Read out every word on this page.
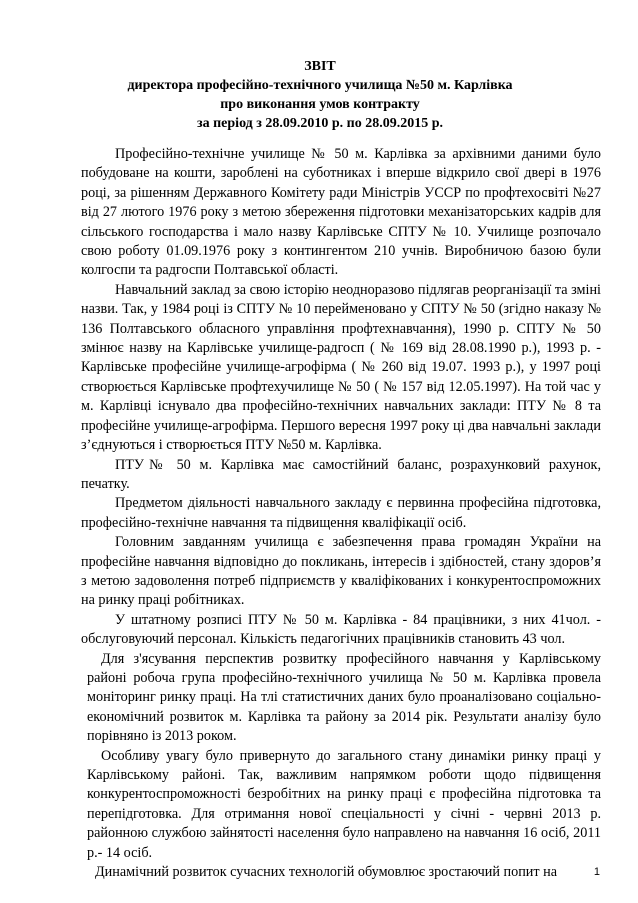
ЗВІТ
директора професійно-технічного училища №50 м. Карлівка
про виконання умов контракту
за період з 28.09.2010 р. по 28.09.2015 р.

Професійно-технічне училище № 50 м. Карлівка за архівними даними було побудоване на кошти, зароблені на суботниках і вперше відкрило свої двері в 1976 році, за рішенням Державного Комітету ради Міністрів УССР по профтехосвіті №27 від 27 лютого 1976 року з метою збереження підготовки механізаторських кадрів для сільського господарства і мало назву Карлівське СПТУ № 10. Училище розпочало свою роботу 01.09.1976 року з контингентом 210 учнів. Виробничою базою були колгоспи та радгоспи Полтавської області.

Навчальний заклад за свою історію неодноразово підлягав реорганізації та зміні назви. Так, у 1984 році із СПТУ № 10 перейменовано у СПТУ № 50 (згідно наказу № 136 Полтавського обласного управління профтехнавчання), 1990 р. СПТУ № 50 змінює назву на Карлівське училище-радгосп ( № 169 від 28.08.1990 р.), 1993 р. - Карлівське професійне училище-агрофірма ( № 260 від 19.07. 1993 р.), у 1997 році створюється Карлівське профтехучилище № 50 ( № 157 від 12.05.1997). На той час у м. Карлівці існувало два професійно-технічних навчальних заклади: ПТУ № 8 та професійне училище-агрофірма. Першого вересня 1997 року ці два навчальні заклади з’єднуються і створюється ПТУ №50 м. Карлівка.

ПТУ№ 50 м. Карлівка має самостійний баланс, розрахунковий рахунок, печатку.

Предметом діяльності навчального закладу є первинна професійна підготовка, професійно-технічне навчання та підвищення кваліфікації осіб.

Головним завданням училища є забезпечення права громадян України на професійне навчання відповідно до покликань, інтересів і здібностей, стану здоров’я з метою задоволення потреб підприємств у кваліфікованих і конкурентоспроможних на ринку праці робітниках.

У штатному розписі ПТУ № 50 м. Карлівка - 84 працівники, з них 41чол. - обслуговуючий персонал. Кількість педагогічних працівників становить 43 чол.

Для з'ясування перспектив розвитку професійного навчання у Карлівському районі робоча група професійно-технічного училища № 50 м. Карлівка провела моніторинг ринку праці. На тлі статистичних даних було проаналізовано соціально-економічний розвиток м. Карлівка та району за 2014 рік. Результати аналізу було порівняно із 2013 роком.

Особливу увагу було привернуто до загального стану динаміки ринку праці у Карлівському районі. Так, важливим напрямком роботи щодо підвищення конкурентоспроможності безробітних на ринку праці є професійна підготовка та перепідготовка. Для отримання нової спеціальності у січні - червні 2013 р. районною службою зайнятості населення було направлено на навчання 16 осіб, 2011 р.- 14 осіб.

Динамічний розвиток сучасних технологій обумовлює зростаючий попит на	1
